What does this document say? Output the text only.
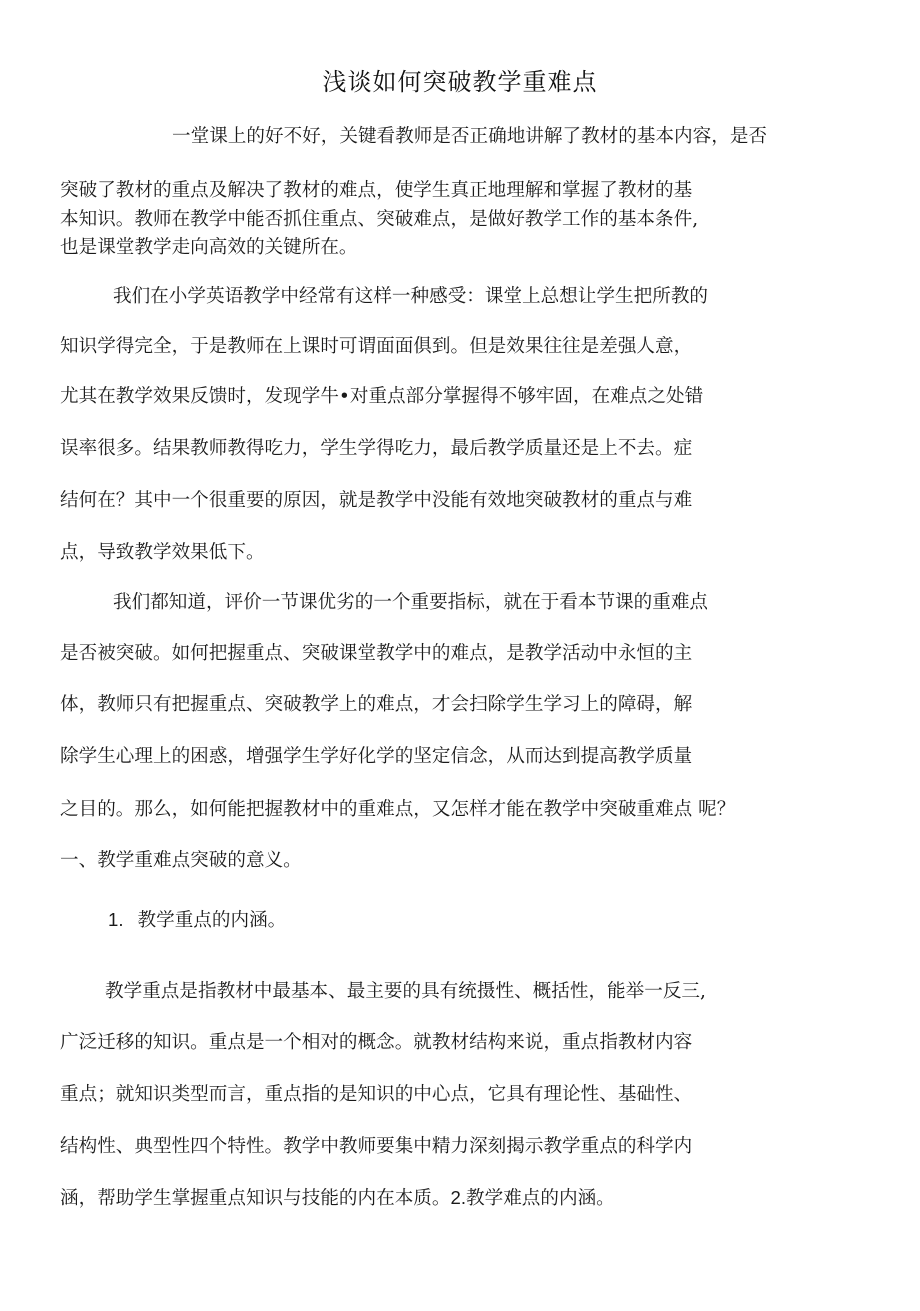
浅谈如何突破教学重难点
一堂课上的好不好，关键看教师是否正确地讲解了教材的基本内容，是否
突破了教材的重点及解决了教材的难点，使学生真正地理解和掌握了教材的基
本知识。教师在教学中能否抓住重点、突破难点，是做好教学工作的基本条件,
也是课堂教学走向高效的关键所在。
我们在小学英语教学中经常有这样一种感受：课堂上总想让学生把所教的
知识学得完全，于是教师在上课时可谓面面俱到。但是效果往往是差强人意，
尤其在教学效果反馈时，发现学牛•对重点部分掌握得不够牢固，在难点之处错
误率很多。结果教师教得吃力，学生学得吃力，最后教学质量还是上不去。症
结何在？其中一个很重要的原因，就是教学中没能有效地突破教材的重点与难
点，导致教学效果低下。
我们都知道，评价一节课优劣的一个重要指标，就在于看本节课的重难点
是否被突破。如何把握重点、突破课堂教学中的难点，是教学活动中永恒的主
体，教师只有把握重点、突破教学上的难点，才会扫除学生学习上的障碍，解
除学生心理上的困惑，增强学生学好化学的坚定信念，从而达到提高教学质量
之目的。那么，如何能把握教材中的重难点，又怎样才能在教学中突破重难点 呢？
一、教学重难点突破的意义。
1. 教学重点的内涵。
教学重点是指教材中最基本、最主要的具有统摄性、概括性，能举一反三,
广泛迁移的知识。重点是一个相对的概念。就教材结构来说，重点指教材内容
重点；就知识类型而言，重点指的是知识的中心点，它具有理论性、基础性、
结构性、典型性四个特性。教学中教师要集中精力深刻揭示教学重点的科学内
涵，帮助学生掌握重点知识与技能的内在本质。2.教学难点的内涵。
